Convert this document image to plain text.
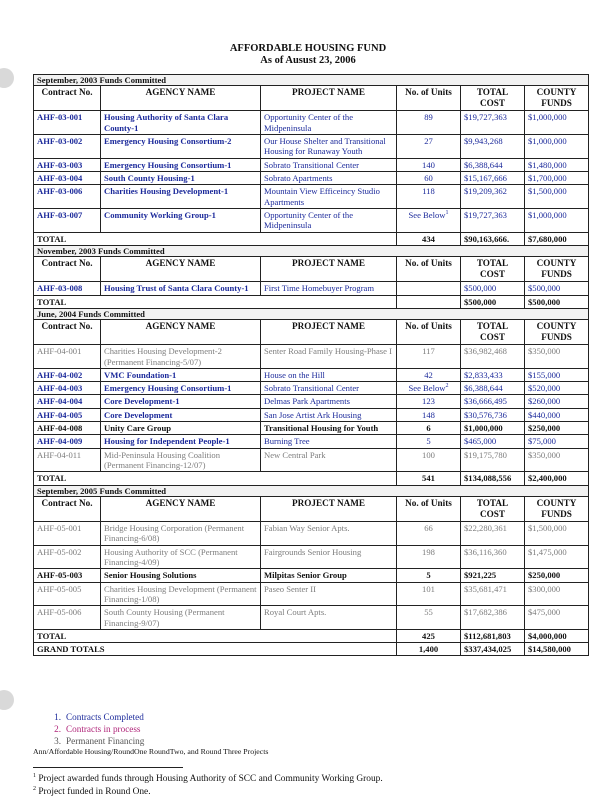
AFFORDABLE HOUSING FUND
As of Ausust 23, 2006
September, 2003 Funds Committed					
Contract No.	AGENCY NAME	PROJECT NAME	No. of Units	TOTAL COST	COUNTY FUNDS
AHF-03-001	Housing Authority of Santa Clara County-1	Opportunity Center of the Midpeninsula	89	$19,727,363	$1,000,000
AHF-03-002	Emergency Housing Consortium-2	Our House Shelter and Transitional Housing for Runaway Youth	27	$9,943,268	$1,000,000
AHF-03-003	Emergency Housing Consortium-1	Sobrato Transitional Center	140	$6,388,644	$1,480,000
AHF-03-004	South County Housing-1	Sobrato Apartments	60	$15,167,666	$1,700,000
AHF-03-006	Charities Housing Development-1	Mountain View Efficeincy Studio Apartments	118	$19,209,362	$1,500,000
AHF-03-007	Community Working Group-1	Opportunity Center of the Midpeninsula	See Below$^1$	$19,727,363	$1,000,000
TOTAL			434	$90,163,666.	$7,680,000
November, 2003 Funds Committed					
Contract No.	AGENCY NAME	PROJECT NAME	No. of Units	TOTAL COST	COUNTY FUNDS
AHF-03-008	Housing Trust of Santa Clara County-1	First Time Homebuyer Program		$500,000	$500,000
TOTAL				$500,000	$500,000
June, 2004 Funds Committed					
Contract No.	AGENCY NAME	PROJECT NAME	No. of Units	TOTAL COST	COUNTY FUNDS
AHF-04-001	Charities Housing Development-2 (Permanent Financing-5/07)	Senter Road Family Housing-Phase I	117	$36,982,468	$350,000
AHF-04-002	VMC Foundation-1	House on the Hill	42	$2,833,433	$155,000
AHF-04-003	Emergency Housing Consortium-1	Sobrato Transitional Center	See Below$^2$	$6,388,644	$520,000
AHF-04-004	Core Development-1	Delmas Park Apartments	123	$36,666,495	$260,000
AHF-04-005	Core Development	San Jose Artist Ark Housing	148	$30,576,736	$440,000
AHF-04-008	Unity Care Group	Transitional Housing for Youth	6	$1,000,000	$250,000
AHF-04-009	Housing for Independent People-1	Burning Tree	5	$465,000	$75,000
AHF-04-011	Mid-Peninsula Housing Coalition (Permanent Financing-12/07)	New Central Park	100	$19,175,780	$350,000
TOTAL			541	$134,088,556	$2,400,000
September, 2005 Funds Committed					
Contract No.	AGENCY NAME	PROJECT NAME	No. of Units	TOTAL COST	COUNTY FUNDS
AHF-05-001	Bridge Housing Corporation (Permanent Financing-6/08)	Fabian Way Senior Apts.	66	$22,280,361	$1,500,000
AHF-05-002	Housing Authority of SCC (Permanent Financing-4/09)	Fairgrounds Senior Housing	198	$36,116,360	$1,475,000
AHF-05-003	Senior Housing Solutions	Milpitas Senior Group	5	$921,225	$250,000
AHF-05-005	Charities Housing Development (Permanent Financing-1/08)	Paseo Senter II	101	$35,681,471	$300,000
AHF-05-006	South County Housing (Permanent Financing-9/07)	Royal Court Apts.	55	$17,682,386	$475,000
TOTAL			425	$112,681,803	$4,000,000
GRAND TOTALS			1,400	$337,434,025	$14,580,000
1. Contracts Completed
2. Contracts in process
3. Permanent Financing
Ann/Affordable Housing/RoundOne RoundTwo, and Round Three Projects
$^1$ Project awarded funds through Housing Authority of SCC and Community Working Group.
$^2$ Project funded in Round One.
